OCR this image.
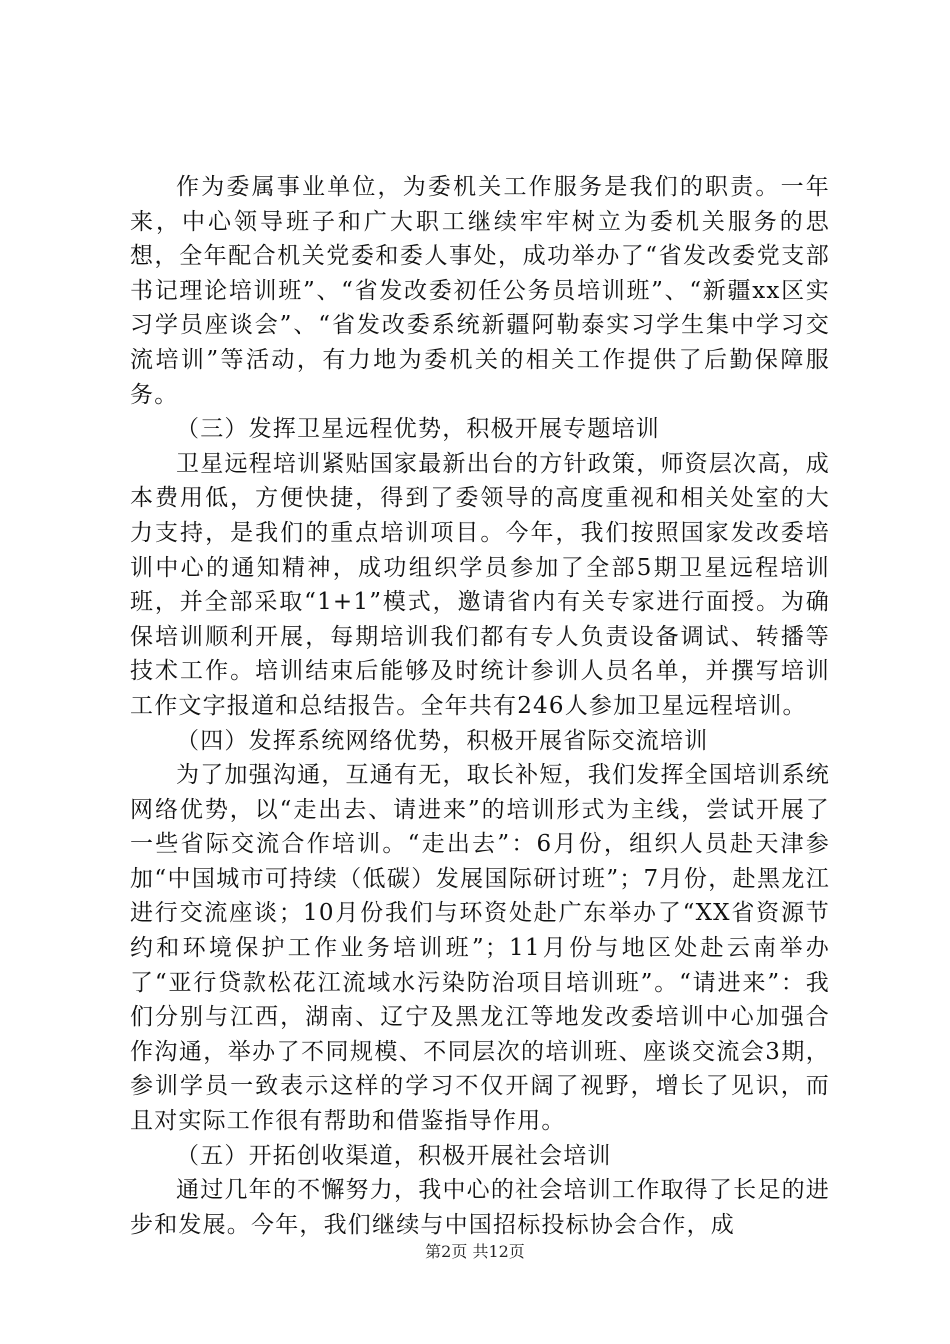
作为委属事业单位，为委机关工作服务是我们的职责。一年来，中心领导班子和广大职工继续牢牢树立为委机关服务的思想，全年配合机关党委和委人事处，成功举办了“省发改委党支部书记理论培训班”、“省发改委初任公务员培训班”、“新疆xx区实习学员座谈会”、“省发改委系统新疆阿勒泰实习学生集中学习交流培训”等活动，有力地为委机关的相关工作提供了后勤保障服务。

（三）发挥卫星远程优势，积极开展专题培训

卫星远程培训紧贴国家最新出台的方针政策，师资层次高，成本费用低，方便快捷，得到了委领导的高度重视和相关处室的大力支持，是我们的重点培训项目。今年，我们按照国家发改委培训中心的通知精神，成功组织学员参加了全部5期卫星远程培训班，并全部采取“1+1”模式，邀请省内有关专家进行面授。为确保培训顺利开展，每期培训我们都有专人负责设备调试、转播等技术工作。培训结束后能够及时统计参训人员名单，并撰写培训工作文字报道和总结报告。全年共有246人参加卫星远程培训。

（四）发挥系统网络优势，积极开展省际交流培训

为了加强沟通，互通有无，取长补短，我们发挥全国培训系统网络优势，以“走出去、请进来”的培训形式为主线，尝试开展了一些省际交流合作培训。“走出去”：6月份，组织人员赴天津参加“中国城市可持续（低碳）发展国际研讨班”；7月份，赴黑龙江进行交流座谈；10月份我们与环资处赴广东举办了“XX省资源节约和环境保护工作业务培训班”；11月份与地区处赴云南举办了“亚行贷款松花江流域水污染防治项目培训班”。“请进来”：我们分别与江西，湖南、辽宁及黑龙江等地发改委培训中心加强合作沟通，举办了不同规模、不同层次的培训班、座谈交流会3期，参训学员一致表示这样的学习不仅开阔了视野，增长了见识，而且对实际工作很有帮助和借鉴指导作用。

（五）开拓创收渠道，积极开展社会培训

通过几年的不懈努力，我中心的社会培训工作取得了长足的进步和发展。今年，我们继续与中国招标投标协会合作，成

第2页 共12页
